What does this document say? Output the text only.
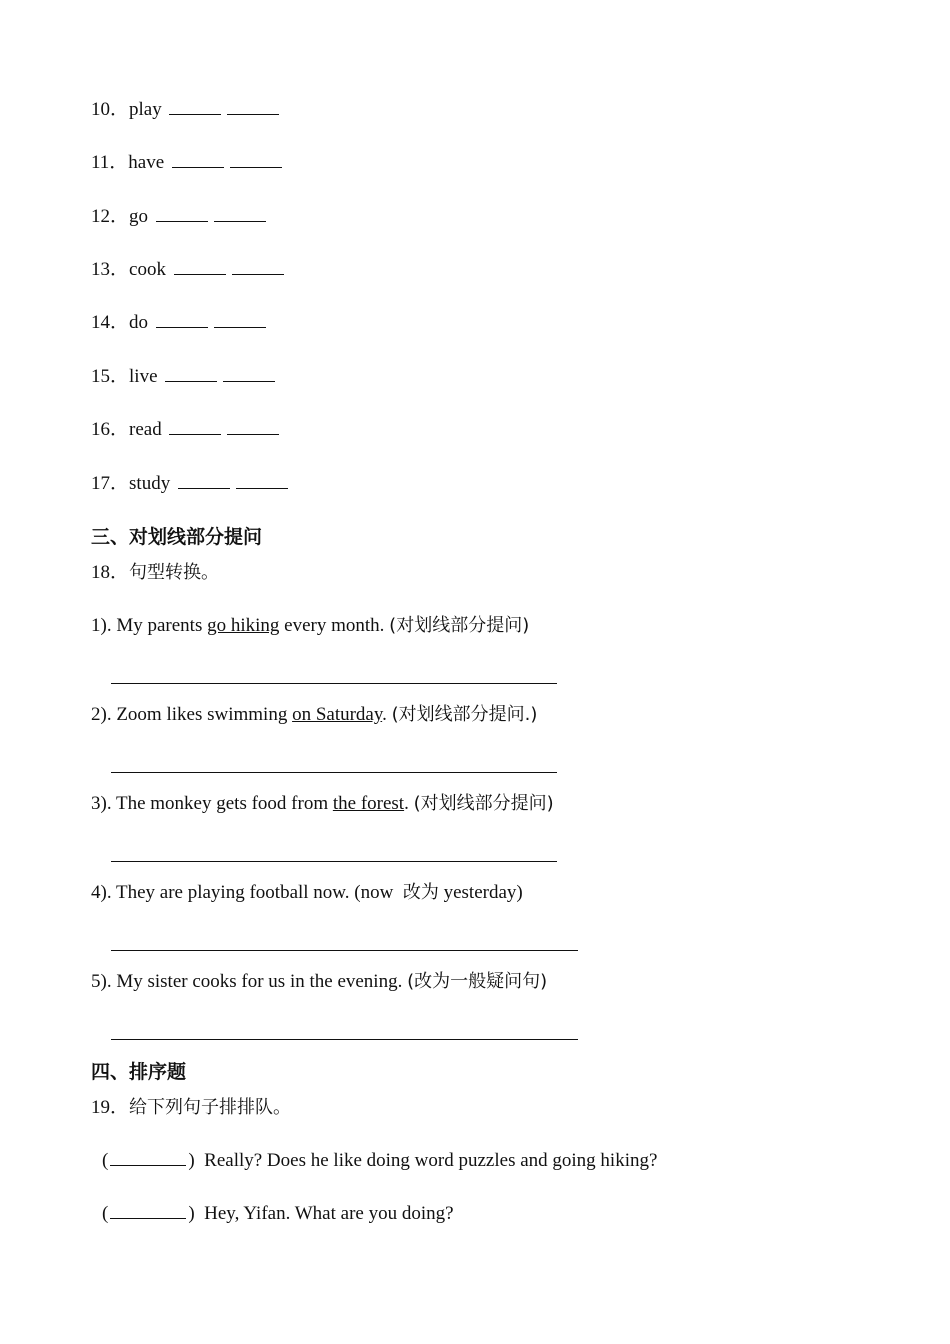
10．play
11．have
12．go
13．cook
14．do
15．live
16．read
17．study
三、对划线部分提问
18．句型转换。
1). My parents go hiking every month. (对划线部分提问)
2). Zoom likes swimming on Saturday. (对划线部分提问.)
3). The monkey gets food from the forest. (对划线部分提问)
4). They are playing football now. (now  改为 yesterday)
5). My sister cooks for us in the evening. (改为一般疑问句)
四、排序题
19．给下列句子排排队。
(	) Really? Does he like doing word puzzles and going hiking?
(	) Hey, Yifan. What are you doing?
